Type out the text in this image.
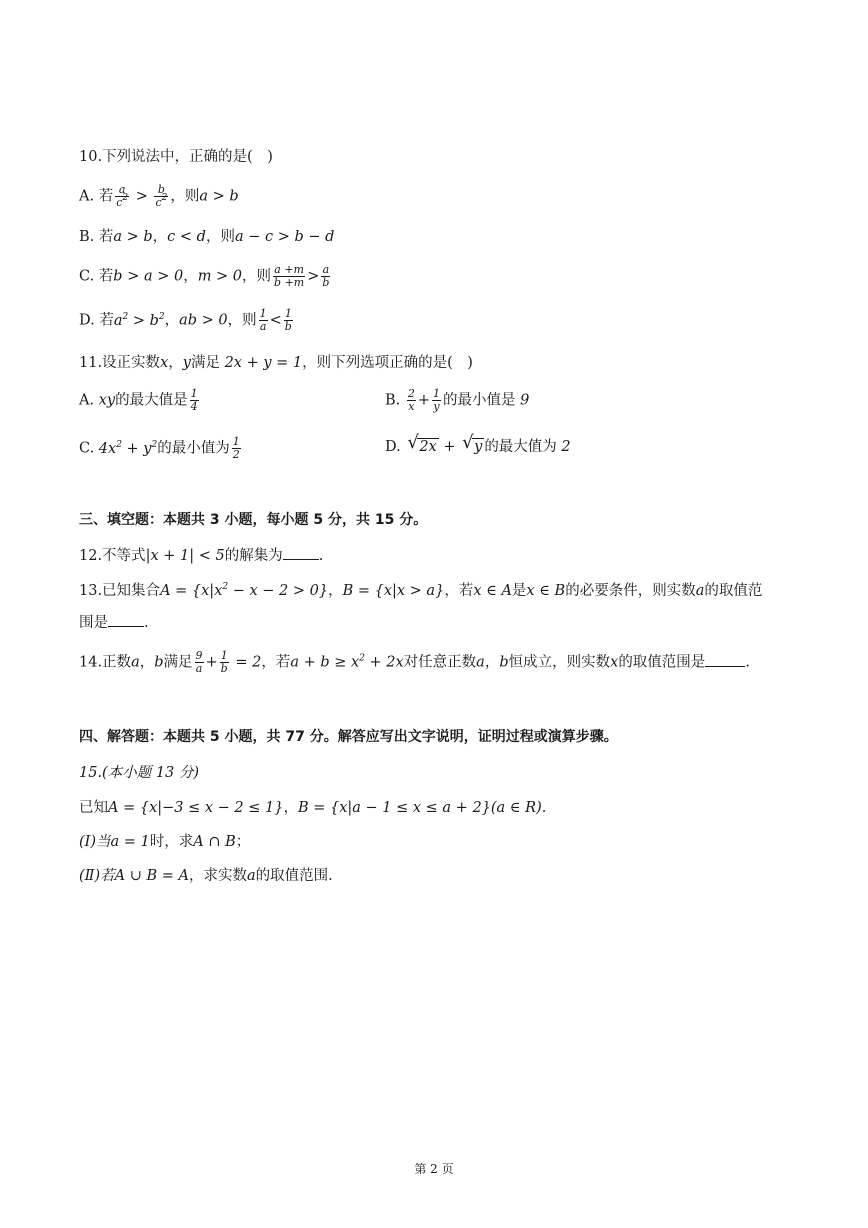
10.下列说法中，正确的是(　)
A. 若 $\frac{a}{c^2} > \frac{b}{c^2}$ ，则a > b
B. 若a > b，c < d，则a − c > b − d
C. 若b > a > 0，m > 0，则 $\frac{a +m}{b +m} > \frac{a}{b}$
D. 若$a^2 > b^2$，ab > 0，则 $\frac{1}{a} < \frac{1}{b}$
11.设正实数x，y满足 2x + y = 1，则下列选项正确的是(　)
A. xy的最大值是 $\frac{1}{4}$	B. $\frac{2}{x} + \frac{1}{y}$ 的最小值是 9
C. $4x^2 + y^2$的最小值为 $\frac{1}{2}$	D. √ 2x + √ y 的最大值为 2
三、填空题：本题共 3 小题，每小题 5 分，共 15 分。
12.不等式|x + 1| < 5的解集为 .
13.已知集合$A = \{x|x^2 - x - 2 > 0\}$，B = {x|x > a}，若x ∈ A是x ∈ B的必要条件，则实数a的取值范
围是 .
14.正数a，b满足 $\frac{9}{a} + \frac{1}{b} = 2$，若$a + b \ge x^2 + 2x$对任意正数a，b恒成立，则实数x的取值范围是	.
四、解答题：本题共 5 小题，共 77 分。解答应写出文字说明，证明过程或演算步骤。
15.(本小题 13 分)
已知A = {x|−3 ≤ x − 2 ≤ 1}，B = {x|a − 1 ≤ x ≤ a + 2}(a ∈ R).
(Ⅰ)当a = 1时，求A ∩ B；
(Ⅱ)若A ∪ B = A，求实数a的取值范围.
第 2 页
